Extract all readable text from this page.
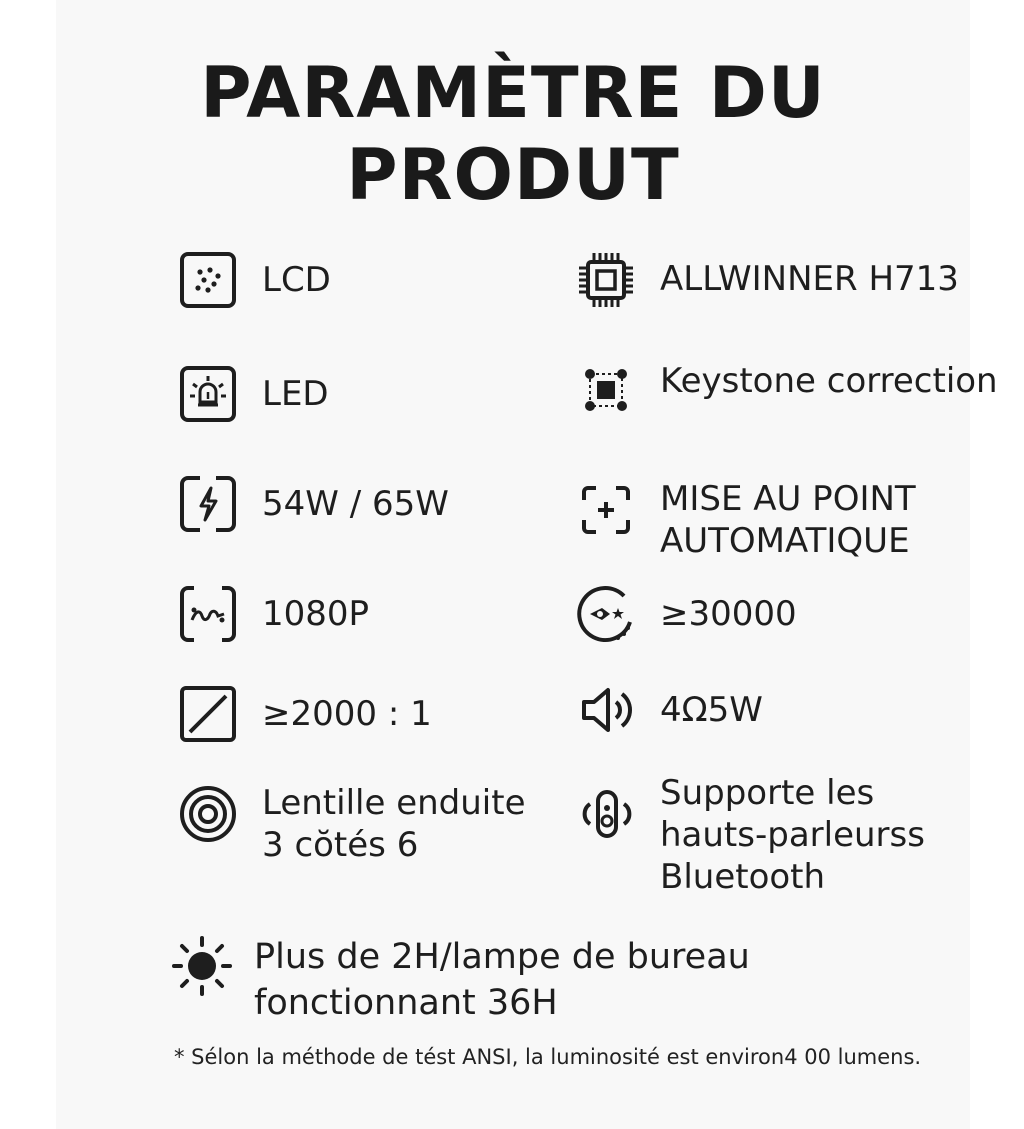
PARAMÈTRE DU PRODUT
LCD
LED
54W / 65W
1080P
≥2000 : 1
Lentille enduite
3 cŏtés 6
ALLWINNER H713
Keystone correction
MISE AU POINT
AUTOMATIQUE
≥30000
4Ω5W
Supporte les
hauts-parleurss
Bluetooth
Plus de 2H/lampe de bureau
fonctionnant 36H
* Sélon la méthode de tést ANSI, la luminosité est environ4 00 lumens.
